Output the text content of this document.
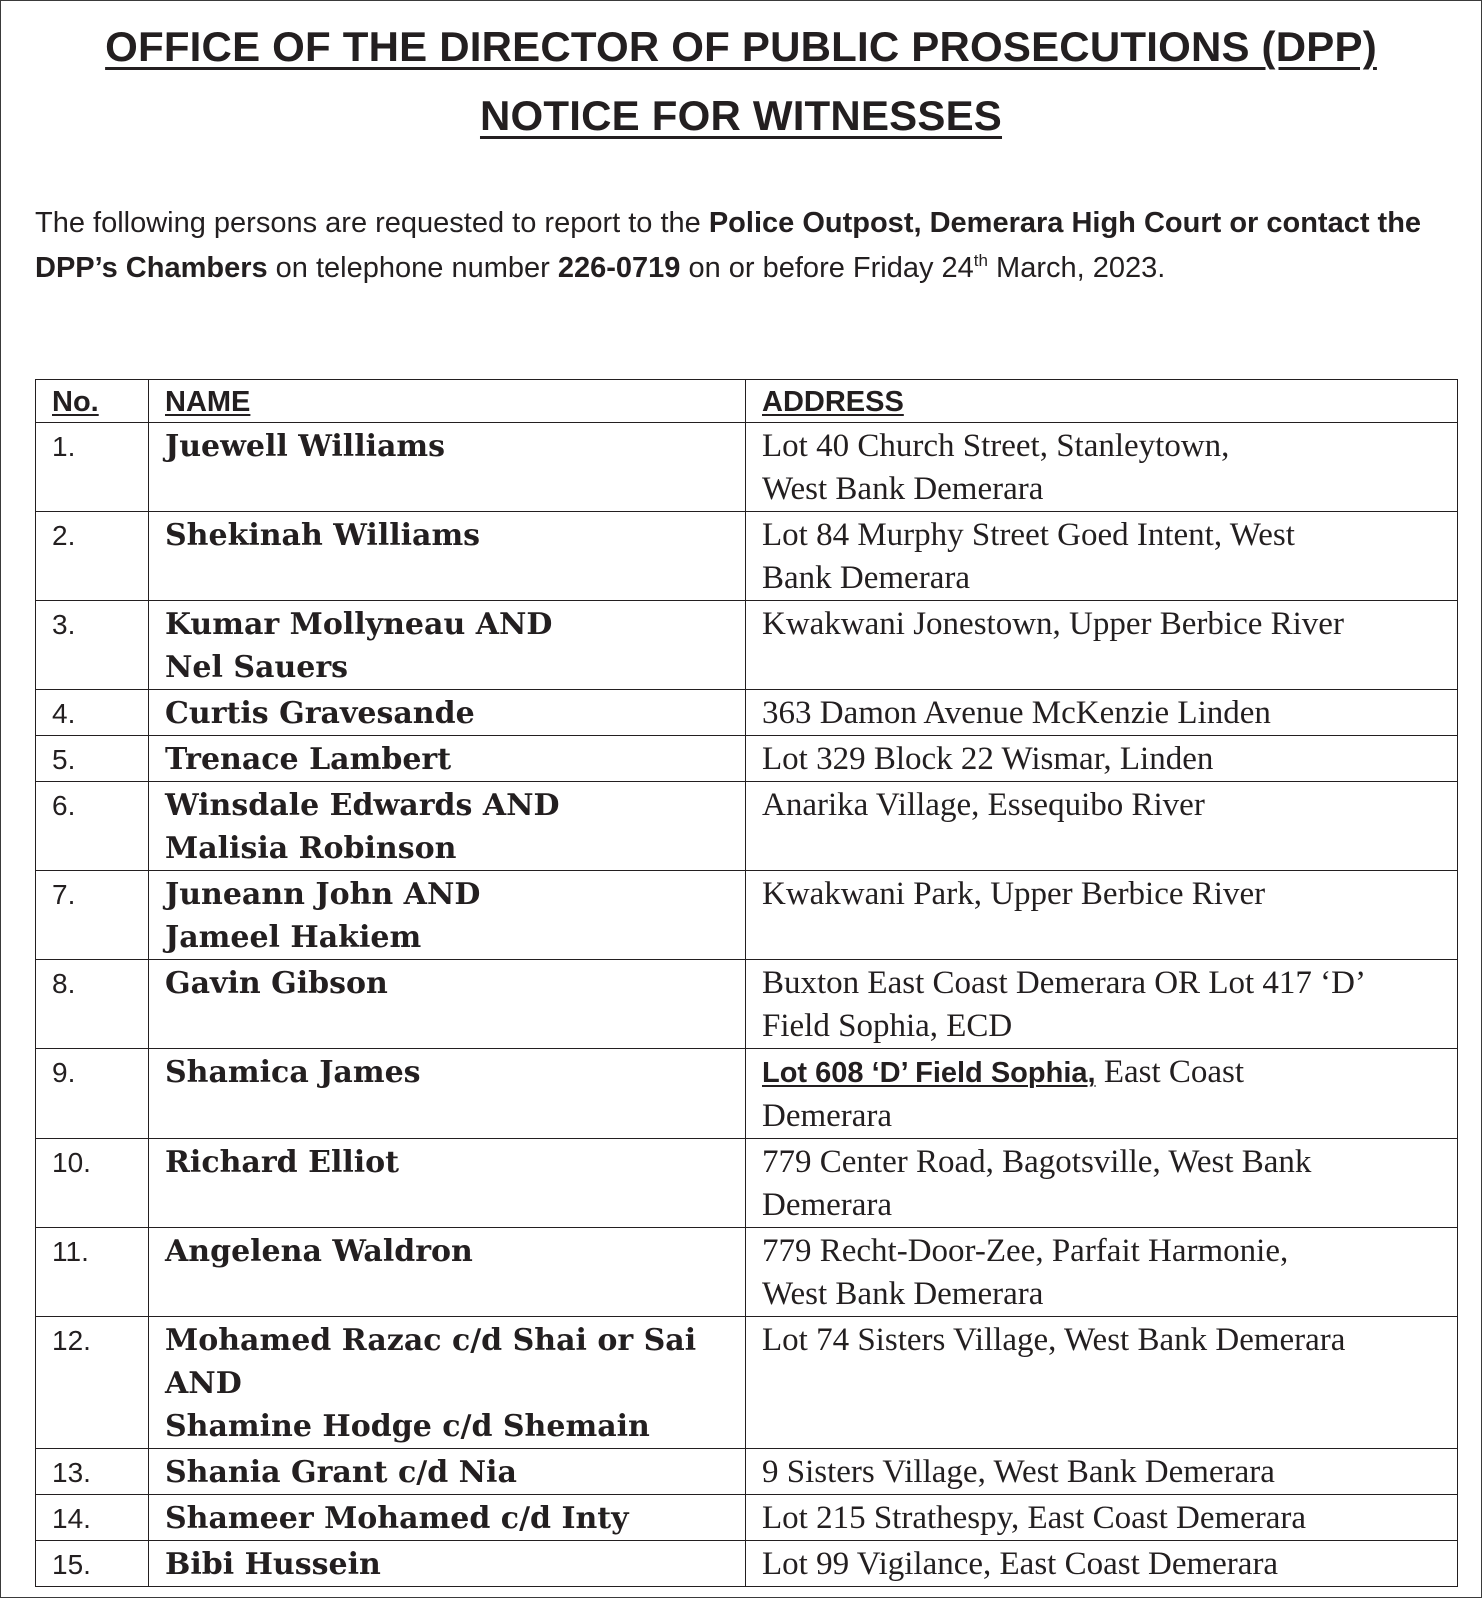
OFFICE OF THE DIRECTOR OF PUBLIC PROSECUTIONS (DPP)
NOTICE FOR WITNESSES
The following persons are requested to report to the Police Outpost, Demerara High Court or contact the DPP’s Chambers on telephone number 226-0719 on or before Friday 24th March, 2023.
No.	NAME	ADDRESS
1.	Juewell Williams	Lot 40 Church Street, Stanleytown,
West Bank Demerara

2.	Shekinah Williams	Lot 84 Murphy Street Goed Intent, West
Bank Demerara

3.	Kumar Mollyneau AND
Nel Sauers	Kwakwani Jonestown, Upper Berbice River

4.	Curtis Gravesande	363 Damon Avenue McKenzie Linden

5.	Trenace Lambert	Lot 329 Block 22 Wismar, Linden

6.	Winsdale Edwards AND
Malisia Robinson	Anarika Village, Essequibo River

7.	Juneann John AND
Jameel Hakiem	Kwakwani Park, Upper Berbice River

8.	Gavin Gibson	Buxton East Coast Demerara OR Lot 417 ‘D’
Field Sophia, ECD

9.	Shamica James	Lot 608 ‘D’ Field Sophia, East Coast
Demerara

10.	Richard Elliot	779 Center Road, Bagotsville, West Bank
Demerara

11.	Angelena Waldron	779 Recht-Door-Zee, Parfait Harmonie,
West Bank Demerara

12.	Mohamed Razac c/d Shai or Sai
AND
Shamine Hodge c/d Shemain	Lot 74 Sisters Village, West Bank Demerara

13.	Shania Grant c/d Nia	9 Sisters Village, West Bank Demerara

14.	Shameer Mohamed c/d Inty	Lot 215 Strathespy, East Coast Demerara

15.	Bibi Hussein	Lot 99 Vigilance, East Coast Demerara
